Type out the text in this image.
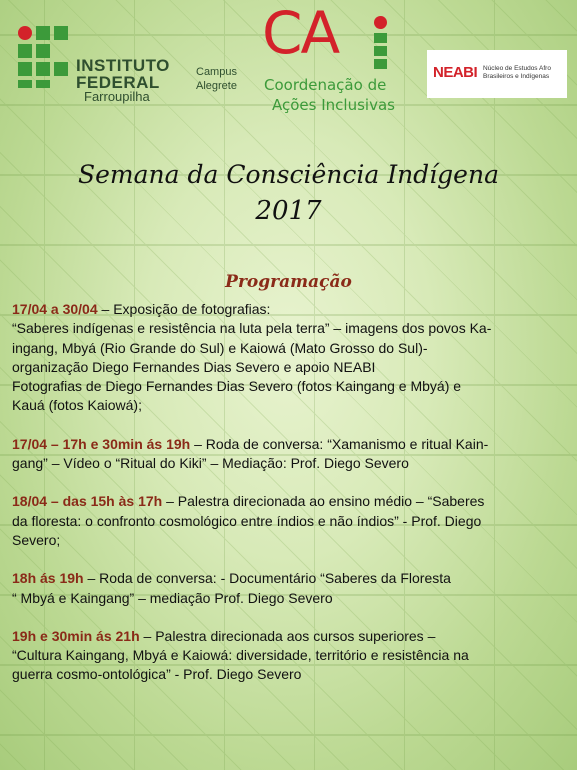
INSTITUTO
FEDERAL
Farroupilha
Campus
Alegrete
CA
Coordenação de
Ações Inclusivas
NEABI Núcleo de Estudos Afro
Brasileiros e Indígenas
Semana da Consciência Indígena
2017
Programação
17/04 a 30/04 – Exposição de fotografias:
“Saberes indígenas e resistência na luta pela terra” – imagens dos povos Ka-
ingang, Mbyá (Rio Grande do Sul) e Kaiowá (Mato Grosso do Sul)-
organização Diego Fernandes Dias Severo e apoio NEABI
Fotografias de Diego Fernandes Dias Severo (fotos Kaingang e Mbyá) e
Kauá (fotos Kaiowá);
17/04 – 17h e 30min ás 19h – Roda de conversa: “Xamanismo e ritual Kain-
gang” – Vídeo o “Ritual do Kiki” – Mediação: Prof. Diego Severo
18/04 – das 15h às 17h – Palestra direcionada ao ensino médio – “Saberes
da floresta: o confronto cosmológico entre índios e não índios” - Prof. Diego
Severo;
18h ás 19h – Roda de conversa: - Documentário “Saberes da Floresta
“ Mbyá e Kaingang” – mediação Prof. Diego Severo
19h e 30min ás 21h – Palestra direcionada aos cursos superiores –
“Cultura Kaingang, Mbyá e Kaiowá: diversidade, território e resistência na
guerra cosmo-ontológica” - Prof. Diego Severo
